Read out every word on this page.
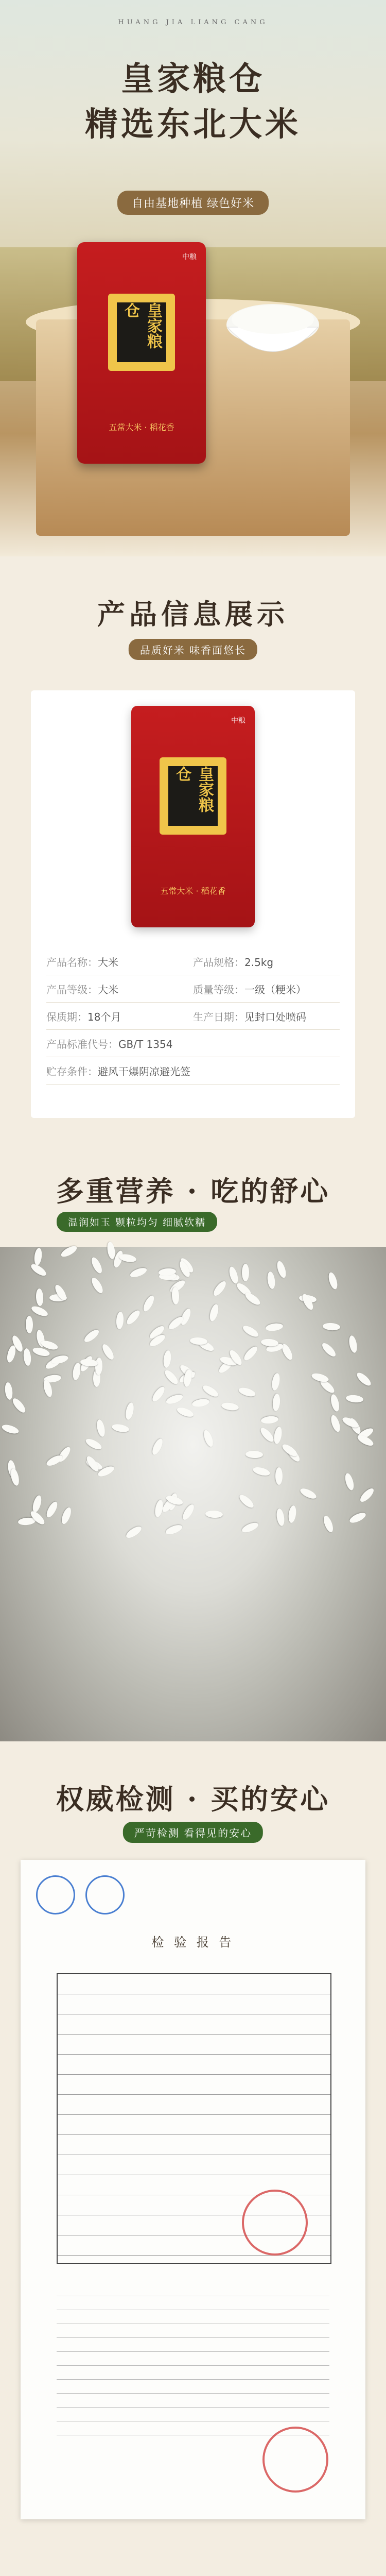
HUANG JIA LIANG CANG
皇家粮仓
精选东北大米
自由基地种植 绿色好米
中粮
皇家粮仓
五常大米 · 稻花香
产品信息展示
品质好米 味香面悠长
中粮
皇家粮仓
五常大米 · 稻花香
产品名称：大米	产品规格：2.5kg
产品等级：大米	质量等级：一级（粳米）
保质期：18个月	生产日期：见封口处喷码
产品标准代号：GB/T 1354
贮存条件：避风干爆阴凉避光签
多重营养 · 吃的舒心
温润如玉 颗粒均匀 细腻软糯
权威检测 · 买的安心
严苛检测 看得见的安心
检 验 报 告
